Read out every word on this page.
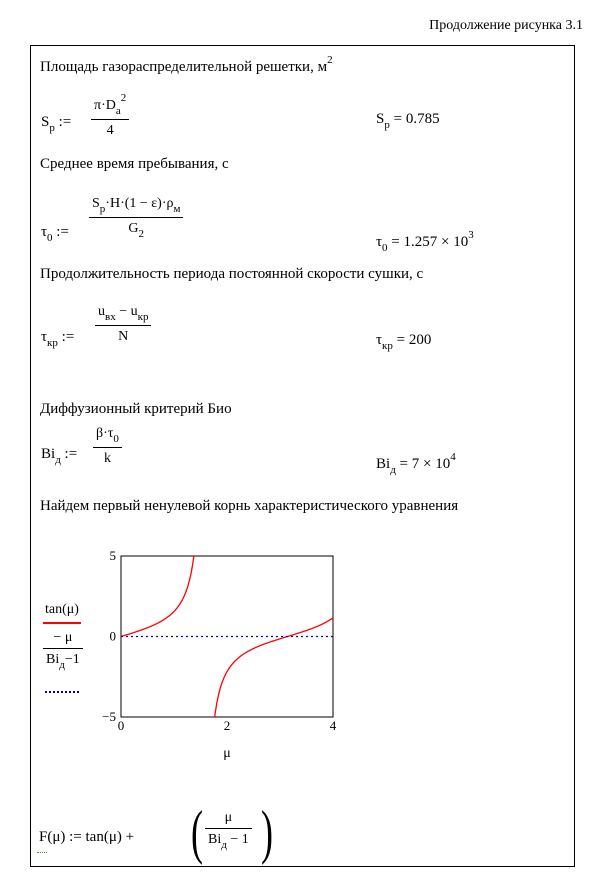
Продолжение рисунка 3.1
Площадь газораспределительной решетки, $м^2$
$S_p$ :=
$\pi\cdot D_a^2$
4
$S_p = 0.785$
Среднее время пребывания, с
$\tau_0$ :=
$S_p\cdot H\cdot(1 - \varepsilon)\cdot\rho_м$
$G_2$	$\tau_0 = 1.257 \times 10^3$
Продолжительность периода постоянной скорости сушки, с
$\tau_{кр}$ :=
$u_{вх} - u_{кр}$
N	$\tau_{кр} = 200$
Диффузионный критерий Био
$Bi_д$ :=
$\beta\cdot\tau_0$
k	$Bi_д = 7 \times 10^4$
Найдем первый ненулевой корнь характеристического уравнения
tan(μ)
− μ
$Bi_д-1$
0	2	4
5
0
−5
μ
F(μ) := tan(μ) + ( μ
$Bi_д - 1$ )
